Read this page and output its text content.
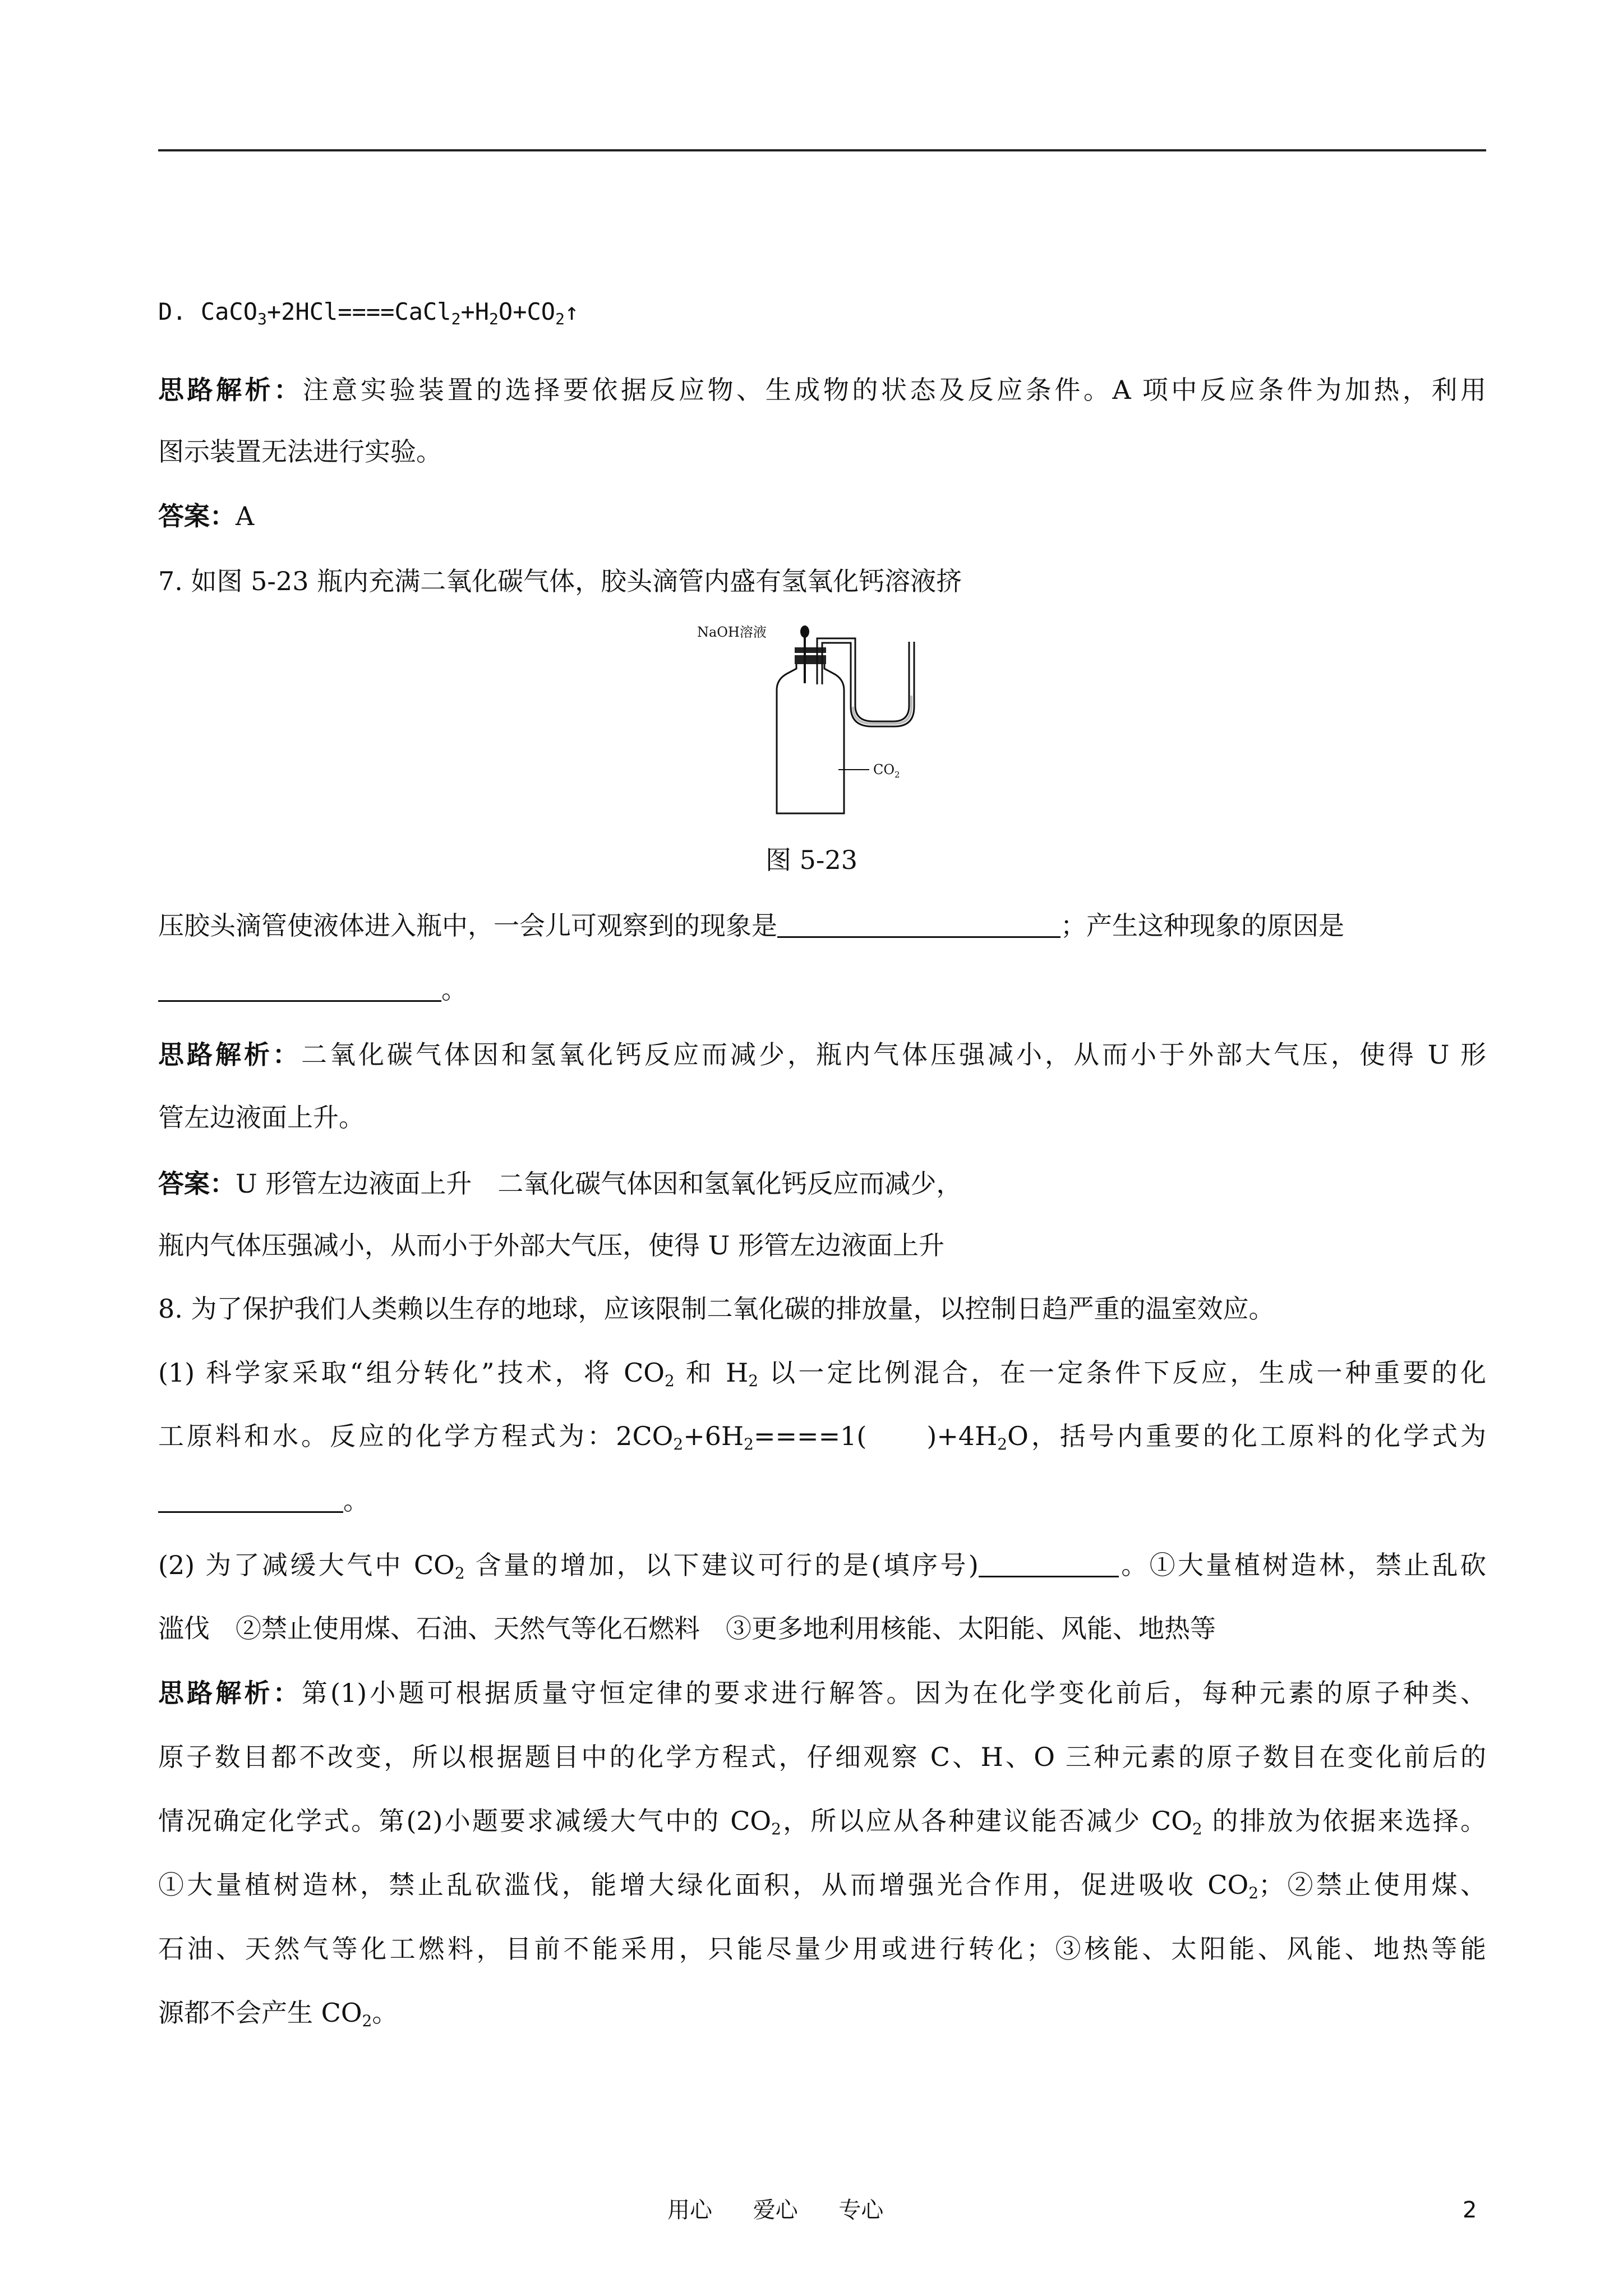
D. $CaCO_3+2HCl====CaCl_2+H_2O+CO_2↑$
思路解析：注意实验装置的选择要依据反应物、生成物的状态及反应条件。A 项中反应条件为加热，利用
图示装置无法进行实验。
答案：A
7. 如图 5-23 瓶内充满二氧化碳气体，胶头滴管内盛有氢氧化钙溶液挤
$CO_2$
NaOH溶液
图 5-23
压胶头滴管使液体进入瓶中，一会儿可观察到的现象是	；产生这种现象的原因是
。
思路解析：二氧化碳气体因和氢氧化钙反应而减少，瓶内气体压强减小，从而小于外部大气压，使得 U 形
管左边液面上升。
答案：U 形管左边液面上升　二氧化碳气体因和氢氧化钙反应而减少，
瓶内气体压强减小，从而小于外部大气压，使得 U 形管左边液面上升
8. 为了保护我们人类赖以生存的地球，应该限制二氧化碳的排放量，以控制日趋严重的温室效应。
(1) 科学家采取“组分转化”技术，将 $CO_2$ 和 $H_2$ 以一定比例混合，在一定条件下反应，生成一种重要的化
工原料和水。反应的化学方程式为：$2CO_2+6H_2====1$(　　)$+4H_2O$，括号内重要的化工原料的化学式为
。
(2) 为了减缓大气中 $CO_2$ 含量的增加，以下建议可行的是(填序号)	。①大量植树造林，禁止乱砍
滥伐　②禁止使用煤、石油、天然气等化石燃料　③更多地利用核能、太阳能、风能、地热等
思路解析：第(1)小题可根据质量守恒定律的要求进行解答。因为在化学变化前后，每种元素的原子种类、
原子数目都不改变，所以根据题目中的化学方程式，仔细观察 C、H、O 三种元素的原子数目在变化前后的
情况确定化学式。第(2)小题要求减缓大气中的 $CO_2$，所以应从各种建议能否减少 $CO_2$ 的排放为依据来选择。
①大量植树造林，禁止乱砍滥伐，能增大绿化面积，从而增强光合作用，促进吸收 $CO_2$；②禁止使用煤、
石油、天然气等化工燃料，目前不能采用，只能尽量少用或进行转化；③核能、太阳能、风能、地热等能
源都不会产生 $CO_2$。
用心 爱心 专心	2
